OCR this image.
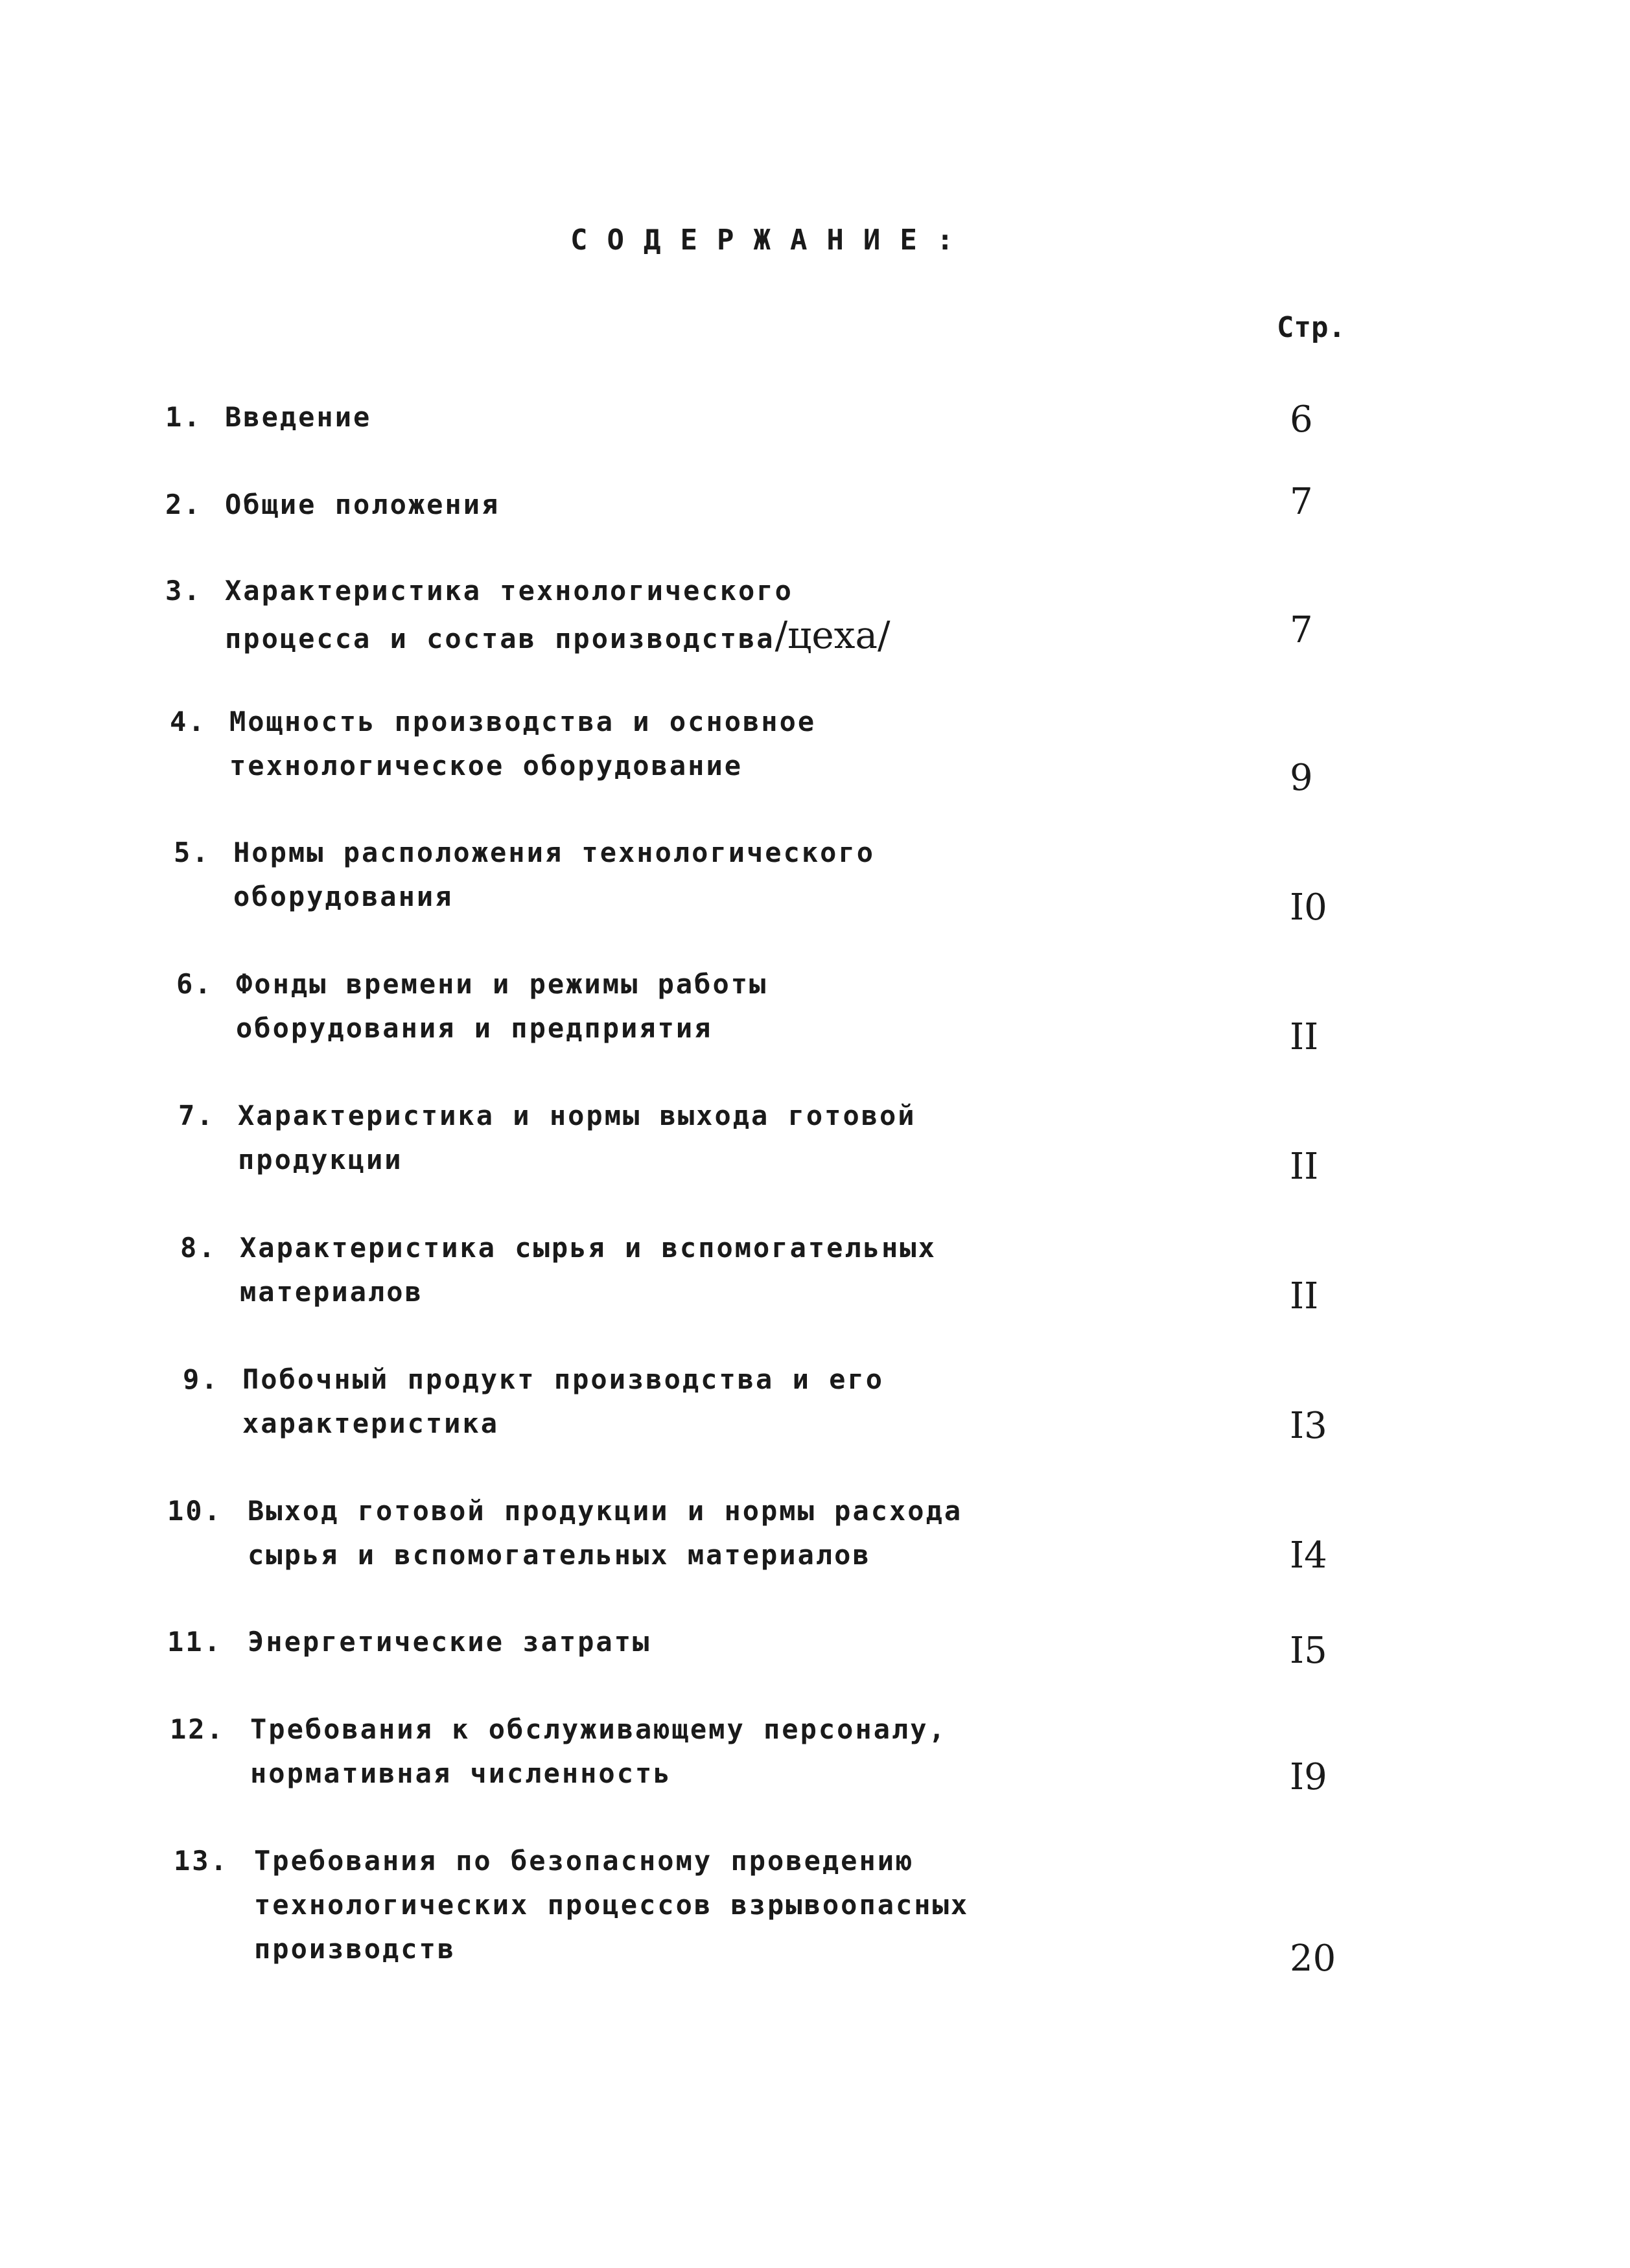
СОДЕРЖАНИЕ:
Стр.
1. Введение	6
2. Общие положения	7
3. Характеристика технологического
процесса и состав производства/цеха/	7
4. Мощность производства и основное
технологическое оборудование	9
5. Нормы расположения технологического
оборудования	I0
6. Фонды времени и режимы работы
оборудования и предприятия	II
7. Характеристика и нормы выхода готовой
продукции	II
8. Характеристика сырья и вспомогательных
материалов	II
9. Побочный продукт производства и его
характеристика	I3
10. Выход готовой продукции и нормы расхода
сырья и вспомогательных материалов	I4
11. Энергетические затраты	I5
12. Требования к обслуживающему персоналу,
нормативная численность	I9
13. Требования по безопасному проведению
технологических процессов взрывоопасных
производств	20
